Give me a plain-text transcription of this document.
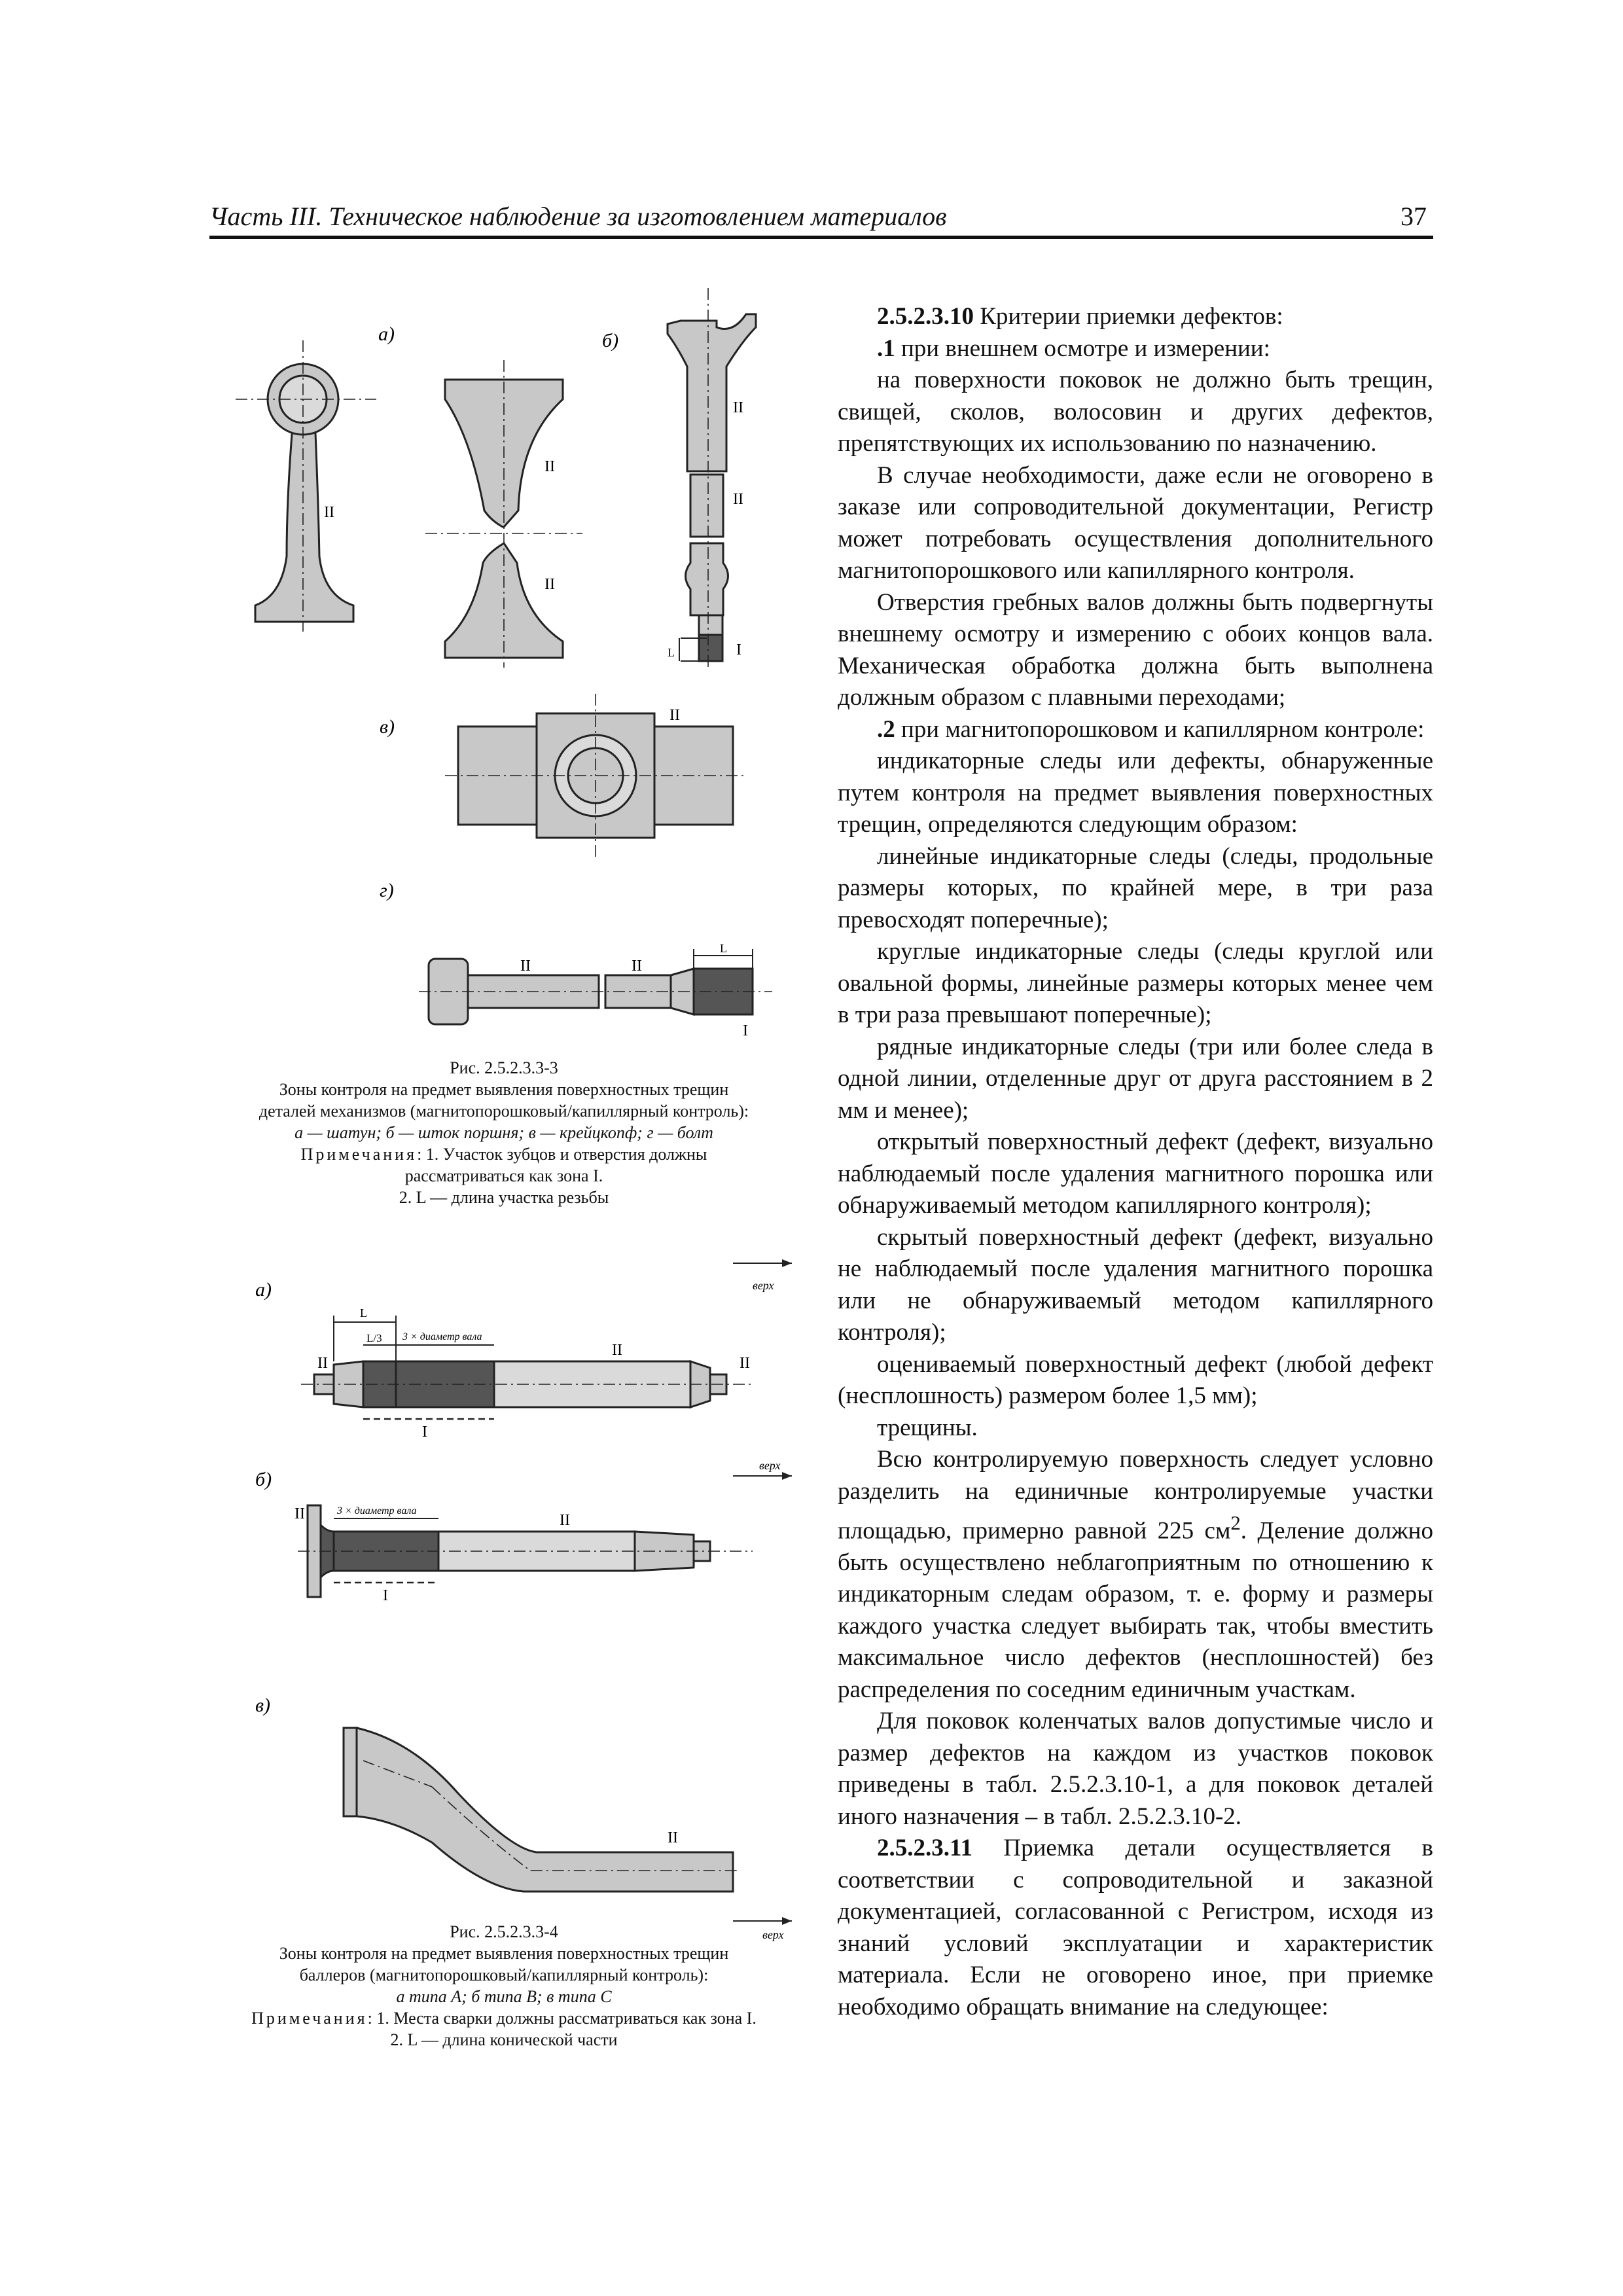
Часть III. Техническое наблюдение за изготовлением материалов	37
а)
II
б)
II
II
L
II
II
I
в)
II
г)
L
II	II
I
Рис. 2.5.2.3.3-3
Зоны контроля на предмет выявления поверхностных трещин
деталей механизмов (магнитопорошковый/капиллярный контроль):
а — шатун; б — шток поршня; в — крейцкопф; г — болт
Примечания: 1. Участок зубцов и отверстия должны
рассматриваться как зона I.
2. L — длина участка резьбы
а)	верх
L
L/3 3 × диаметр вала
II
II
II
I
б)
верх
3 × диаметр вала
II	II
I
в)
II
верх
Рис. 2.5.2.3.3-4
Зоны контроля на предмет выявления поверхностных трещин
баллеров (магнитопорошковый/капиллярный контроль):
а типа А; б типа В; в типа С
Примечания: 1. Места сварки должны рассматриваться как зона I.
2. L — длина конической части

2.5.2.3.10 Критерии приемки дефектов:

.1 при внешнем осмотре и измерении:

на поверхности поковок не должно быть трещин, свищей, сколов, волосовин и других дефектов, препятствующих их использованию по назначению.

В случае необходимости, даже если не оговорено в заказе или сопроводительной документации, Регистр может потребовать осуществления дополнительного магнитопорошкового или капиллярного контроля.

Отверстия гребных валов должны быть подвергнуты внешнему осмотру и измерению с обоих концов вала. Механическая обработка должна быть выполнена должным образом с плавными переходами;

.2 при магнитопорошковом и капиллярном контроле:

индикаторные следы или дефекты, обнаруженные путем контроля на предмет выявления поверхностных трещин, определяются следующим образом:

линейные индикаторные следы (следы, продольные размеры которых, по крайней мере, в три раза превосходят поперечные);

круглые индикаторные следы (следы круглой или овальной формы, линейные размеры которых менее чем в три раза превышают поперечные);

рядные индикаторные следы (три или более следа в одной линии, отделенные друг от друга расстоянием в 2 мм и менее);

открытый поверхностный дефект (дефект, визуально наблюдаемый после удаления магнитного порошка или обнаруживаемый методом капиллярного контроля);

скрытый поверхностный дефект (дефект, визуально не наблюдаемый после удаления магнитного порошка или не обнаруживаемый методом капиллярного контроля);

оцениваемый поверхностный дефект (любой дефект (несплошность) размером более 1,5 мм);

трещины.

Всю контролируемую поверхность следует условно разделить на единичные контролируемые участки площадью, примерно равной 225 $см^2$. Деление должно быть осуществлено неблагоприятным по отношению к индикаторным следам образом, т. е. форму и размеры каждого участка следует выбирать так, чтобы вместить максимальное число дефектов (несплошностей) без распределения по соседним единичным участкам.

Для поковок коленчатых валов допустимые число и размер дефектов на каждом из участков поковок приведены в табл. 2.5.2.3.10-1, а для поковок деталей иного назначения – в табл. 2.5.2.3.10-2.

2.5.2.3.11 Приемка детали осуществляется в соответствии с сопроводительной и заказной документацией, согласованной с Регистром, исходя из знаний условий эксплуатации и характеристик материала. Если не оговорено иное, при приемке необходимо обращать внимание на следующее:
